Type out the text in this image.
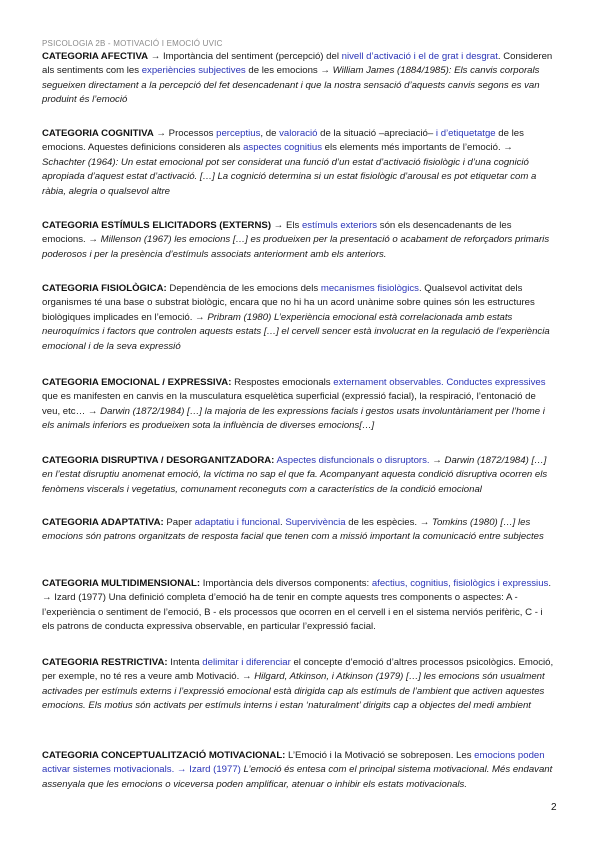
PSICOLOGIA 2B - MOTIVACIÓ I EMOCIÓ UVIC

CATEGORIA AFECTIVA → Importància del sentiment (percepció) del nivell d’activació i el de grat i desgrat. Consideren als sentiments com les experiències subjectives de les emocions → William James (1884/1985): Els canvis corporals segueixen directament a la percepció del fet desencadenant i que la nostra sensació d’aquests canvis segons es van produint és l’emoció

CATEGORIA COGNITIVA → Processos perceptius, de valoració de la situació –apreciació– i d’etiquetatge de les emocions. Aquestes definicions consideren als aspectes cognitius els elements més importants de l’emoció. → Schachter (1964): Un estat emocional pot ser considerat una funció d’un estat d’activació fisiològic i d’una cognició apropiada d’aquest estat d’activació. […] La cognició determina si un estat fisiològic d’arousal es pot etiquetar com a ràbia, alegria o qualsevol altre

CATEGORIA ESTÍMULS ELICITADORS (EXTERNS) → Els estímuls exteriors són els desencadenants de les emocions. → Millenson (1967) les emocions […] es produeixen per la presentació o acabament de reforçadors primaris poderosos i per la presència d’estímuls associats anteriorment amb els anteriors.

CATEGORIA FISIOLÒGICA: Dependència de les emocions dels mecanismes fisiològics. Qualsevol activitat dels organismes té una base o substrat biològic, encara que no hi ha un acord unànime sobre quines són les estructures biològiques implicades en l’emoció. → Pribram (1980) L’experiència emocional està correlacionada amb estats neuroquímics i factors que controlen aquests estats […] el cervell sencer està involucrat en la regulació de l’experiència emocional i de la seva expressió

CATEGORIA EMOCIONAL / EXPRESSIVA: Respostes emocionals externament observables. Conductes expressives que es manifesten en canvis en la musculatura esquelètica superficial (expressió facial), la respiració, l’entonació de veu, etc… → Darwin (1872/1984) […] la majoria de les expressions facials i gestos usats involuntàriament per l’home i els animals inferiors es produeixen sota la influència de diverses emocions[…]

CATEGORIA DISRUPTIVA / DESORGANITZADORA: Aspectes disfuncionals o disruptors. → Darwin (1872/1984) […] en l’estat disruptiu anomenat emoció, la víctima no sap el que fa. Acompanyant aquesta condició disruptiva ocorren els fenòmens viscerals i vegetatius, comunament reconeguts com a característics de la condició emocional

CATEGORIA ADAPTATIVA: Paper adaptatiu i funcional. Supervivència de les espècies. → Tomkins (1980) […] les emocions són patrons organitzats de resposta facial que tenen com a missió important la comunicació entre subjectes

CATEGORIA MULTIDIMENSIONAL: Importància dels diversos components: afectius, cognitius, fisiològics i expressius. → Izard (1977) Una definició completa d’emoció ha de tenir en compte aquests tres components o aspectes: A - l’experiència o sentiment de l’emoció, B - els processos que ocorren en el cervell i en el sistema nerviós perifèric, C - i els patrons de conducta expressiva observable, en particular l’expressió facial.

CATEGORIA RESTRICTIVA: Intenta delimitar i diferenciar el concepte d’emoció d’altres processos psicològics. Emoció, per exemple, no té res a veure amb Motivació. → Hilgard, Atkinson, i Atkinson (1979) […] les emocions són usualment activades per estímuls externs i l’expressió emocional està dirigida cap als estímuls de l’ambient que activen aquestes emocions. Els motius són activats per estímuls interns i estan ‘naturalment’ dirigits cap a objectes del medi ambient

CATEGORIA CONCEPTUALITZACIÓ MOTIVACIONAL: L’Emoció i la Motivació se sobreposen. Les emocions poden activar sistemes motivacionals. → Izard (1977) L’emoció és entesa com el principal sistema motivacional. Més endavant assenyala que les emocions o viceversa poden amplificar, atenuar o inhibir els estats motivacionals.

2
